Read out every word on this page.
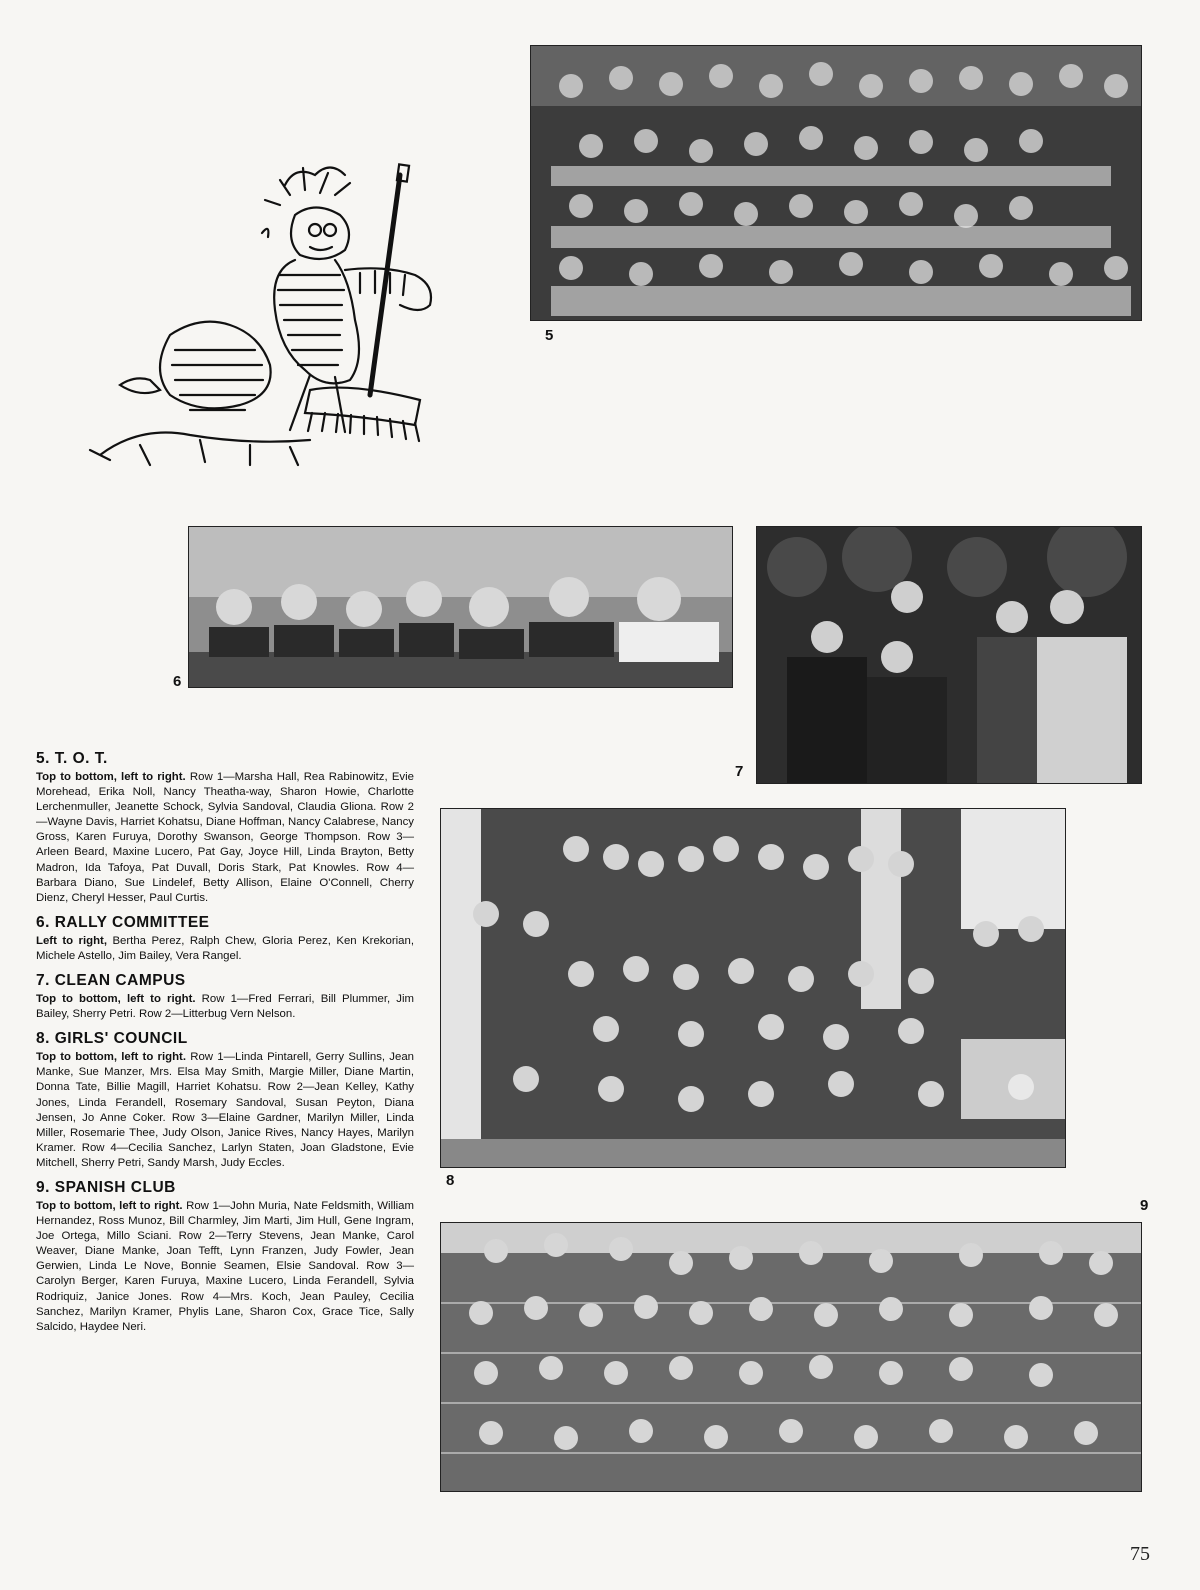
5
6
7
8
9
5. T. O. T.

Top to bottom, left to right. Row 1—Marsha Hall, Rea Rabinowitz, Evie Morehead, Erika Noll, Nancy Theatha-way, Sharon Howie, Charlotte Lerchenmuller, Jeanette Schock, Sylvia Sandoval, Claudia Gliona. Row 2—Wayne Davis, Harriet Kohatsu, Diane Hoffman, Nancy Calabrese, Nancy Gross, Karen Furuya, Dorothy Swanson, George Thompson. Row 3—Arleen Beard, Maxine Lucero, Pat Gay, Joyce Hill, Linda Brayton, Betty Madron, Ida Tafoya, Pat Duvall, Doris Stark, Pat Knowles. Row 4—Barbara Diano, Sue Lindelef, Betty Allison, Elaine O'Connell, Cherry Dienz, Cheryl Hesser, Paul Curtis.

6. RALLY COMMITTEE

Left to right, Bertha Perez, Ralph Chew, Gloria Perez, Ken Krekorian, Michele Astello, Jim Bailey, Vera Rangel.

7. CLEAN CAMPUS

Top to bottom, left to right. Row 1—Fred Ferrari, Bill Plummer, Jim Bailey, Sherry Petri. Row 2—Litterbug Vern Nelson.

8. GIRLS' COUNCIL

Top to bottom, left to right. Row 1—Linda Pintarell, Gerry Sullins, Jean Manke, Sue Manzer, Mrs. Elsa May Smith, Margie Miller, Diane Martin, Donna Tate, Billie Magill, Harriet Kohatsu. Row 2—Jean Kelley, Kathy Jones, Linda Ferandell, Rosemary Sandoval, Susan Peyton, Diana Jensen, Jo Anne Coker. Row 3—Elaine Gardner, Marilyn Miller, Linda Miller, Rosemarie Thee, Judy Olson, Janice Rives, Nancy Hayes, Marilyn Kramer. Row 4—Cecilia Sanchez, Larlyn Staten, Joan Gladstone, Evie Mitchell, Sherry Petri, Sandy Marsh, Judy Eccles.

9. SPANISH CLUB

Top to bottom, left to right. Row 1—John Muria, Nate Feldsmith, William Hernandez, Ross Munoz, Bill Charmley, Jim Marti, Jim Hull, Gene Ingram, Joe Ortega, Millo Sciani. Row 2—Terry Stevens, Jean Manke, Carol Weaver, Diane Manke, Joan Tefft, Lynn Franzen, Judy Fowler, Jean Gerwien, Linda Le Nove, Bonnie Seamen, Elsie Sandoval. Row 3—Carolyn Berger, Karen Furuya, Maxine Lucero, Linda Ferandell, Sylvia Rodriquiz, Janice Jones. Row 4—Mrs. Koch, Jean Pauley, Cecilia Sanchez, Marilyn Kramer, Phylis Lane, Sharon Cox, Grace Tice, Sally Salcido, Haydee Neri.

75
